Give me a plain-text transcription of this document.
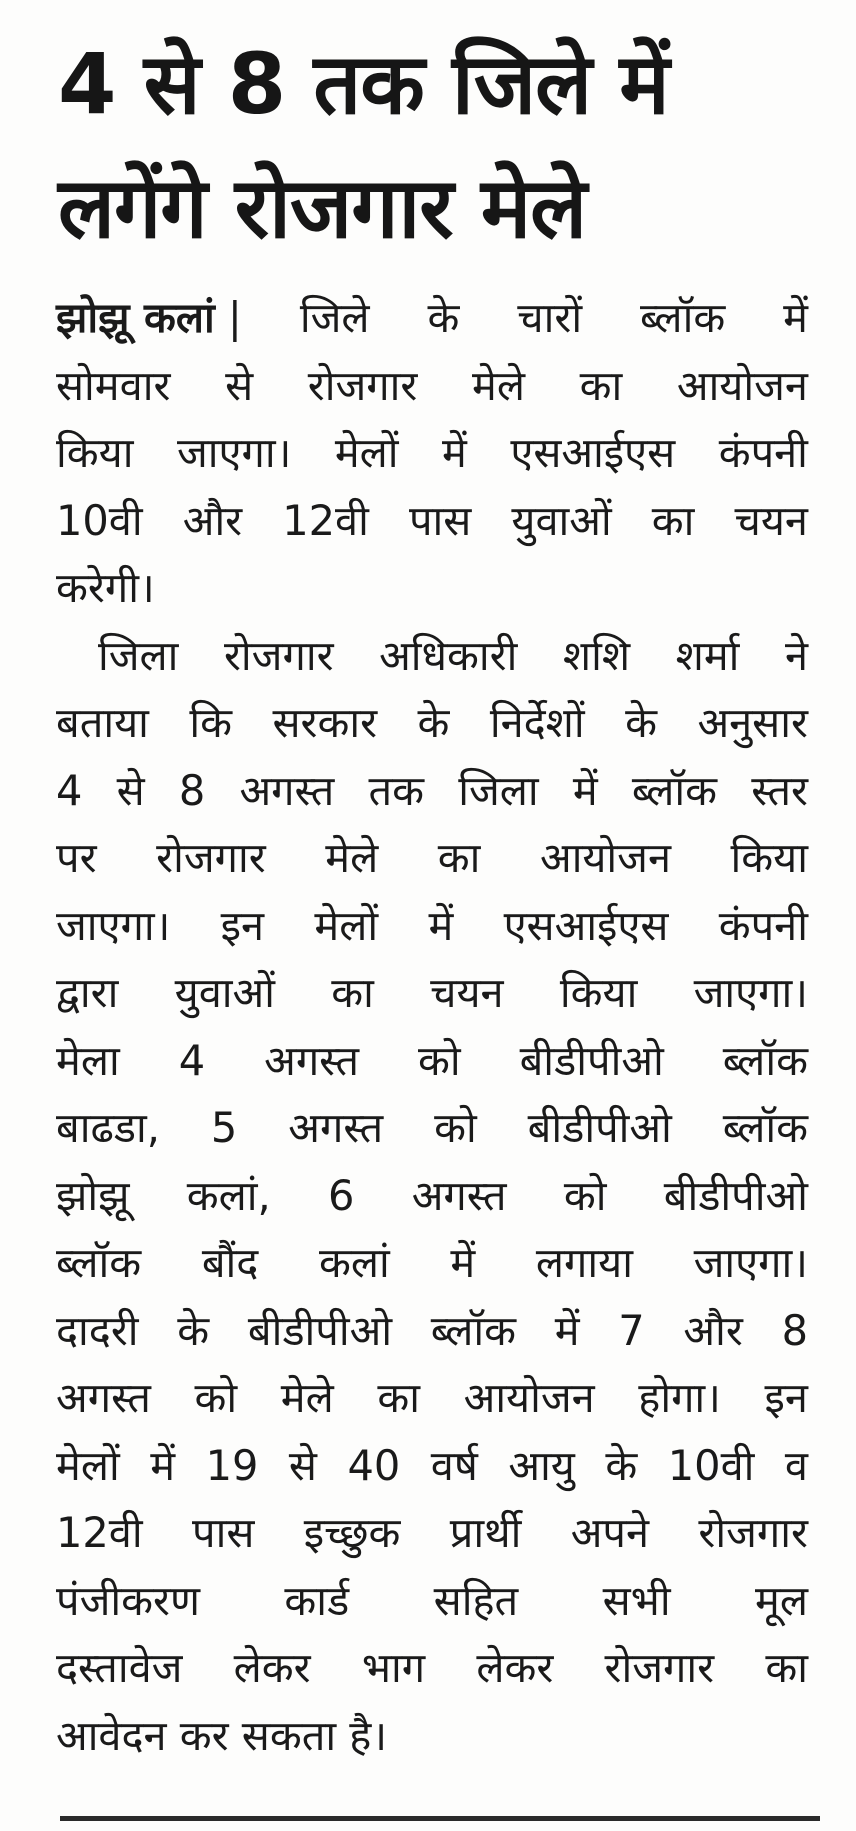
4 से 8 तक जिले में
लगेंगे रोजगार मेले
झोझू कलां | जिले के चारों ब्लॉक में
सोमवार से रोजगार मेले का आयोजन
किया जाएगा। मेलों में एसआईएस कंपनी
10वी और 12वी पास युवाओं का चयन
करेगी।
जिला रोजगार अधिकारी शशि शर्मा ने
बताया कि सरकार के निर्देशों के अनुसार
4 से 8 अगस्त तक जिला में ब्लॉक स्तर
पर रोजगार मेले का आयोजन किया
जाएगा। इन मेलों में एसआईएस कंपनी
द्वारा युवाओं का चयन किया जाएगा।
मेला 4 अगस्त को बीडीपीओ ब्लॉक
बाढडा, 5 अगस्त को बीडीपीओ ब्लॉक
झोझू कलां, 6 अगस्त को बीडीपीओ
ब्लॉक बौंद कलां में लगाया जाएगा।
दादरी के बीडीपीओ ब्लॉक में 7 और 8
अगस्त को मेले का आयोजन होगा। इन
मेलों में 19 से 40 वर्ष आयु के 10वी व
12वी पास इच्छुक प्रार्थी अपने रोजगार
पंजीकरण कार्ड सहित सभी मूल
दस्तावेज लेकर भाग लेकर रोजगार का
आवेदन कर सकता है।
